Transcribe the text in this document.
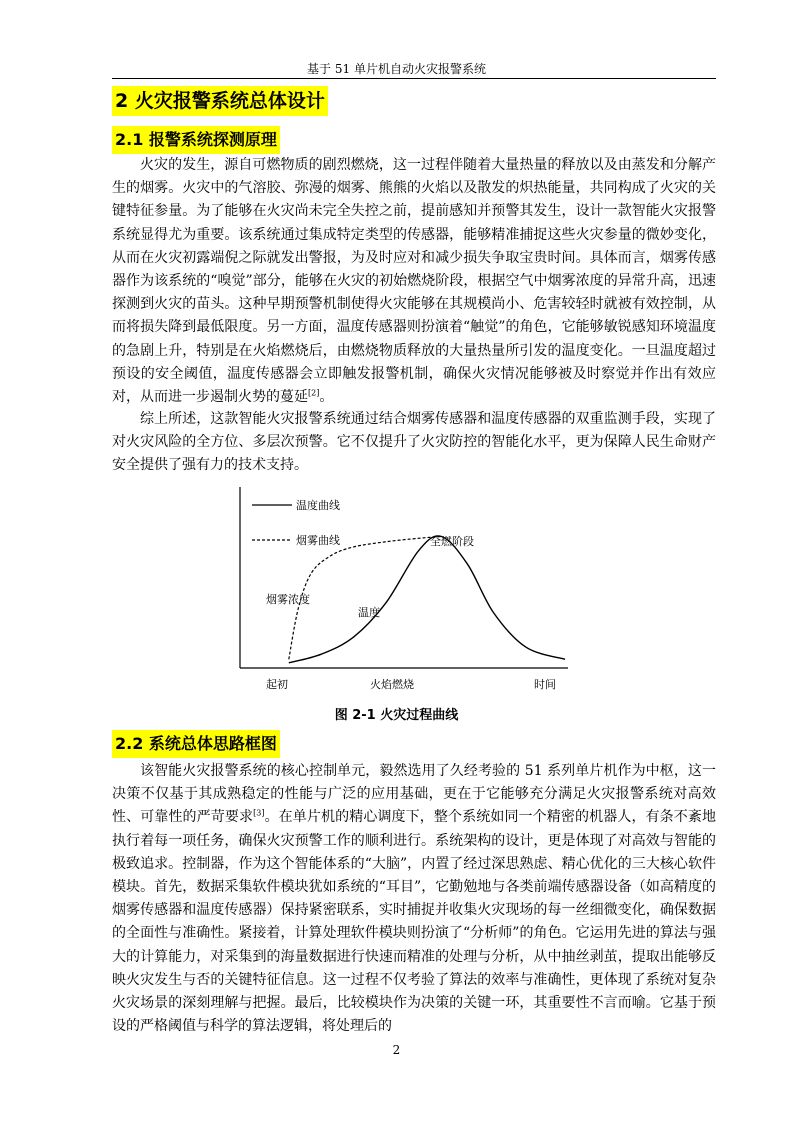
基于 51 单片机自动火灾报警系统
2 火灾报警系统总体设计
2.1 报警系统探测原理

火灾的发生，源自可燃物质的剧烈燃烧，这一过程伴随着大量热量的释放以及由蒸发和分解产生的烟雾。火灾中的气溶胶、弥漫的烟雾、熊熊的火焰以及散发的炽热能量，共同构成了火灾的关键特征参量。为了能够在火灾尚未完全失控之前，提前感知并预警其发生，设计一款智能火灾报警系统显得尤为重要。该系统通过集成特定类型的传感器，能够精准捕捉这些火灾参量的微妙变化，从而在火灾初露端倪之际就发出警报，为及时应对和减少损失争取宝贵时间。具体而言，烟雾传感器作为该系统的“嗅觉”部分，能够在火灾的初始燃烧阶段，根据空气中烟雾浓度的异常升高，迅速探测到火灾的苗头。这种早期预警机制使得火灾能够在其规模尚小、危害较轻时就被有效控制，从而将损失降到最低限度。另一方面，温度传感器则扮演着“触觉”的角色，它能够敏锐感知环境温度的急剧上升，特别是在火焰燃烧后，由燃烧物质释放的大量热量所引发的温度变化。一旦温度超过预设的安全阈值，温度传感器会立即触发报警机制，确保火灾情况能够被及时察觉并作出有效应对，从而进一步遏制火势的蔓延[2]。

综上所述，这款智能火灾报警系统通过结合烟雾传感器和温度传感器的双重监测手段，实现了对火灾风险的全方位、多层次预警。它不仅提升了火灾防控的智能化水平，更为保障人民生命财产安全提供了强有力的技术支持。

温度曲线
烟雾曲线	全燃阶段
烟雾浓度
温度
起初	火焰燃烧	时间
图 2-1 火灾过程曲线
2.2 系统总体思路框图

该智能火灾报警系统的核心控制单元，毅然选用了久经考验的 51 系列单片机作为中枢，这一决策不仅基于其成熟稳定的性能与广泛的应用基础，更在于它能够充分满足火灾报警系统对高效性、可靠性的严苛要求[3]。在单片机的精心调度下，整个系统如同一个精密的机器人，有条不紊地执行着每一项任务，确保火灾预警工作的顺利进行。系统架构的设计，更是体现了对高效与智能的极致追求。控制器，作为这个智能体系的“大脑”，内置了经过深思熟虑、精心优化的三大核心软件模块。首先，数据采集软件模块犹如系统的“耳目”，它勤勉地与各类前端传感器设备（如高精度的烟雾传感器和温度传感器）保持紧密联系，实时捕捉并收集火灾现场的每一丝细微变化，确保数据的全面性与准确性。紧接着，计算处理软件模块则扮演了“分析师”的角色。它运用先进的算法与强大的计算能力，对采集到的海量数据进行快速而精准的处理与分析，从中抽丝剥茧，提取出能够反映火灾发生与否的关键特征信息。这一过程不仅考验了算法的效率与准确性，更体现了系统对复杂火灾场景的深刻理解与把握。最后，比较模块作为决策的关键一环，其重要性不言而喻。它基于预设的严格阈值与科学的算法逻辑，将处理后的

2
